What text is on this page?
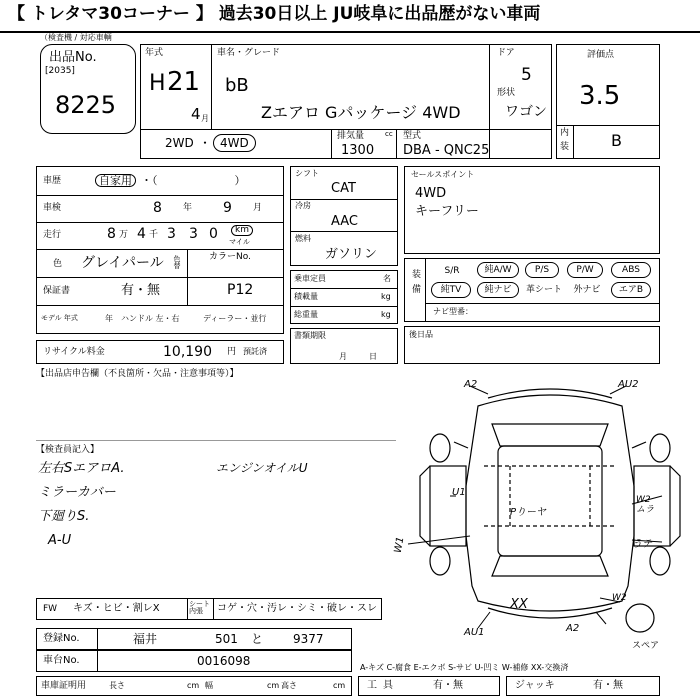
【 トレタマ30コーナー 】 過去30日以上 JU岐阜に出品歴がない車両
（検査機 / 対応車輌
出品No.
[2035]
8225
年式
H 21
4 月
車名・グレード
bB
Zエアロ Gパッケージ 4WD
ドア
5
形状
ワゴン
2WD ・ 4WD	排気量	cc
1300
型式
DBA - QNC25
評価点
3.5
内
装	B
車歴	自家用 ・（　　　　　　　）
車検	8 年 9 月
走行	8 万 4 千 3 3 0	km
マイル
色 グレイパール 色替	カラーNo.
P12
保証書	有・無
モデル 年式	年 ハンドル 左・右	ディーラー・並行
リサイクル料金	10,190 円 預託済
シフト
CAT
冷房
AAC
燃料
ガソリン
乗車定員	名
積載量	kg
総重量	kg
書類期限
月日
セールスポイント
4WD
キーフリー
装備	S/R	純A/W	P/S	P/W	ABS
純TV	純ナビ	革シート	外ナビ	エアB
ナビ型番：
後日品
【出品店申告欄（不良箇所・欠品・注意事項等）】
【検査員記入】
左右SエアロA.
ミラーカバー
下廻りS.
A-U
エンジンオイルU
A2	AU2
U1
Pりーヤ
W2
ムラ
うテ
W1
XX	W2
AU1	A2
スペア
FW キズ・ヒビ・割レX	シート 内張	コゲ・穴・汚レ・シミ・破レ・スレ
登録No.	福井	501 と 9377
車台No.	0016098	A-キズ C-腐食 E-エクボ S-サビ U-凹ミ W-補修 XX-交換済
車庫証明用	長さ	cm 幅	cm 高さ	cm 工具	有・無	ジャッキ	有・無
